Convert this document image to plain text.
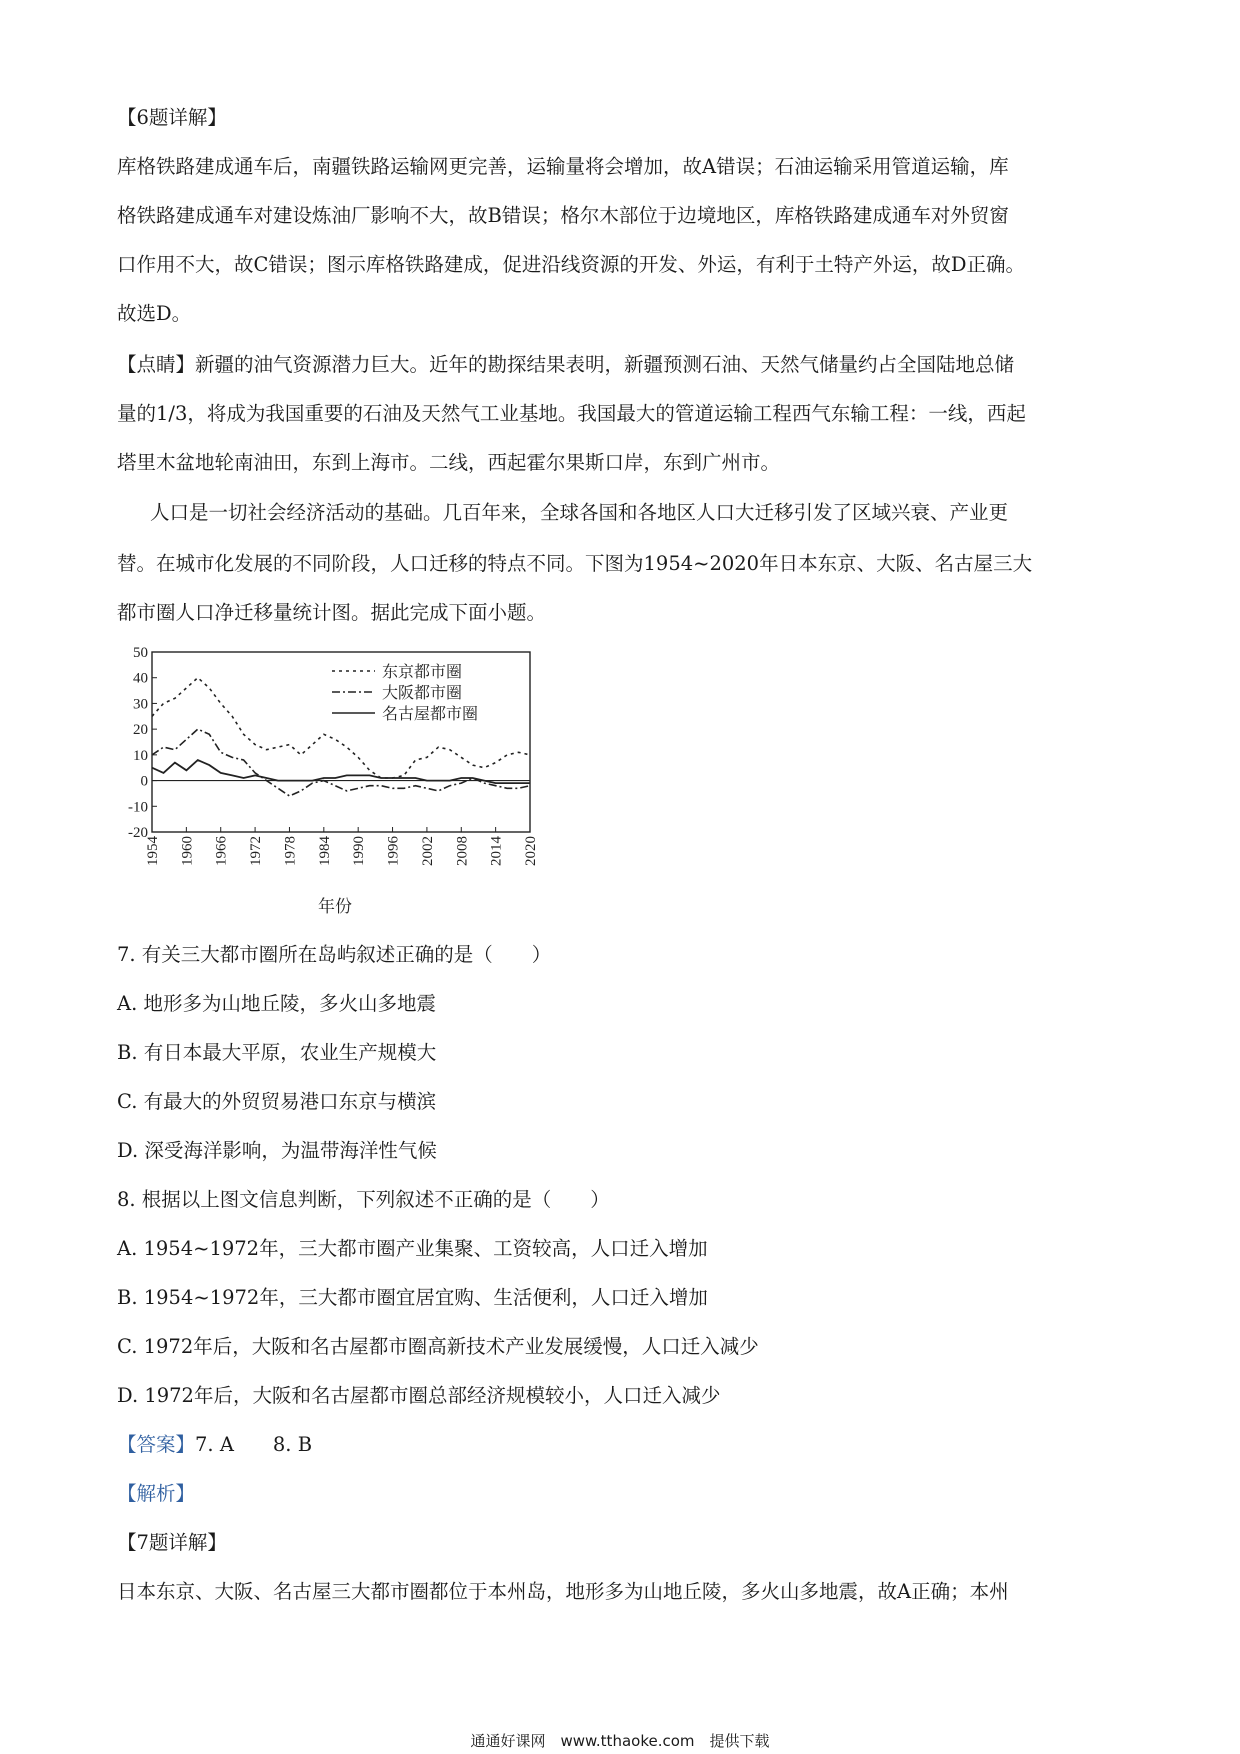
【6题详解】
库格铁路建成通车后，南疆铁路运输网更完善，运输量将会增加，故A错误；石油运输采用管道运输，库
格铁路建成通车对建设炼油厂影响不大，故B错误；格尔木部位于边境地区，库格铁路建成通车对外贸窗
口作用不大，故C错误；图示库格铁路建成，促进沿线资源的开发、外运，有利于土特产外运，故D正确。
故选D。
【点睛】新疆的油气资源潜力巨大。近年的勘探结果表明，新疆预测石油、天然气储量约占全国陆地总储
量的1/3，将成为我国重要的石油及天然气工业基地。我国最大的管道运输工程西气东输工程：一线，西起
塔里木盆地轮南油田，东到上海市。二线，西起霍尔果斯口岸，东到广州市。
人口是一切社会经济活动的基础。几百年来，全球各国和各地区人口大迁移引发了区域兴衰、产业更
替。在城市化发展的不同阶段，人口迁移的特点不同。下图为1954~2020年日本东京、大阪、名古屋三大
都市圈人口净迁移量统计图。据此完成下面小题。
50
40
30
20
10
0
-10
-20
1954 1960 1966 1972 1978 1984 1990 1996 2002 2008 2014 2020
年份
东京都市圈
大阪都市圈
名古屋都市圈
7. 有关三大都市圈所在岛屿叙述正确的是（　　）
A. 地形多为山地丘陵，多火山多地震
B. 有日本最大平原，农业生产规模大
C. 有最大的外贸贸易港口东京与横滨
D. 深受海洋影响，为温带海洋性气候
8. 根据以上图文信息判断，下列叙述不正确的是（　　）
A. 1954~1972年，三大都市圈产业集聚、工资较高，人口迁入增加
B. 1954~1972年，三大都市圈宜居宜购、生活便利，人口迁入增加
C. 1972年后，大阪和名古屋都市圈高新技术产业发展缓慢，人口迁入减少
D. 1972年后，大阪和名古屋都市圈总部经济规模较小，人口迁入减少
【答案】7. A　　8. B
【解析】
【7题详解】
日本东京、大阪、名古屋三大都市圈都位于本州岛，地形多为山地丘陵，多火山多地震，故A正确；本州
通通好课网　www.tthaoke.com　提供下载
